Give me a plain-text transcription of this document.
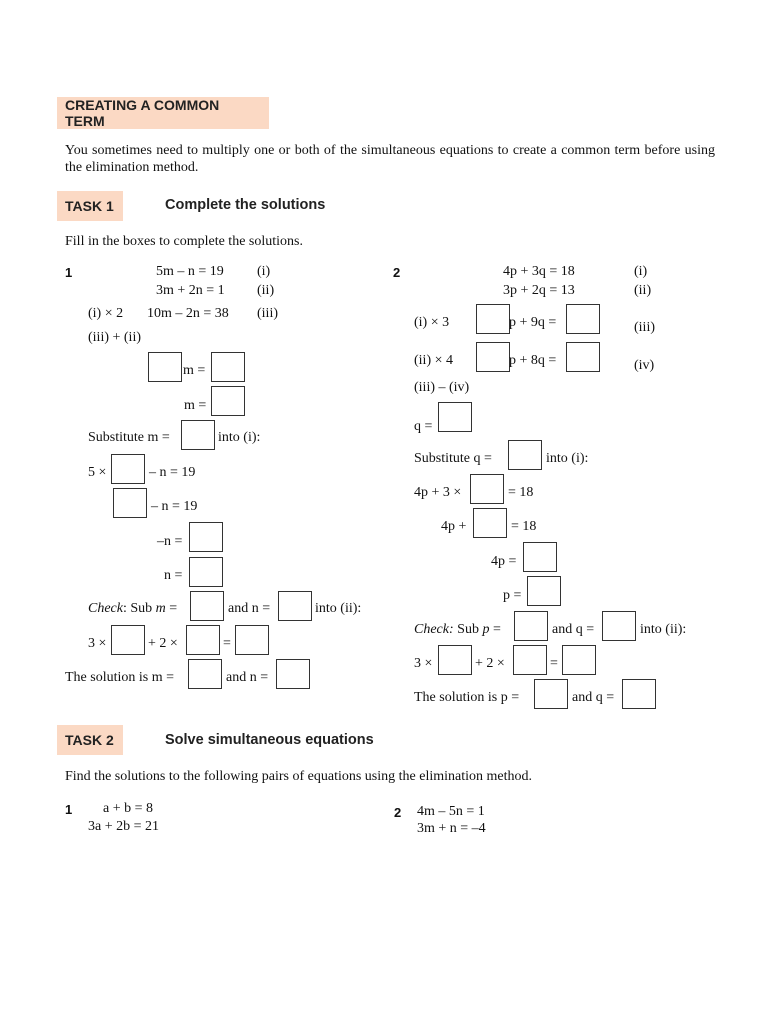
CREATING A COMMON TERM
You sometimes need to multiply one or both of the simultaneous equations to create a common term before using the elimination method.
TASK 1	Complete the solutions
Fill in the boxes to complete the solutions.
1	5m – n = 19 (i)
3m + 2n = 1 (ii)
(i) × 2 10m – 2n = 38 (iii)
(iii) + (ii)
m =
m =
Substitute m =	into (i):
5 ×	– n = 19
– n = 19
–n =
n =
Check: Sub m =	and n =	into (ii):
3 ×	+ 2 ×	=
The solution is m =	and n =
2	4p + 3q = 18	(i)
3p + 2q = 13	(ii)
(i) × 3	p + 9q =	(iii)
(ii) × 4	p + 8q =	(iv)
(iii) – (iv)
q =
Substitute q =	into (i):
4p + 3 ×	= 18
4p +	= 18
4p =
p =
Check: Sub p =	and q =	into (ii):
3 ×	+ 2 ×	=
The solution is p =	and q =
TASK 2	Solve simultaneous equations
Find the solutions to the following pairs of equations using the elimination method.
1 a + b = 8
3a + 2b = 21
2 4m – 5n = 1
3m + n = –4
